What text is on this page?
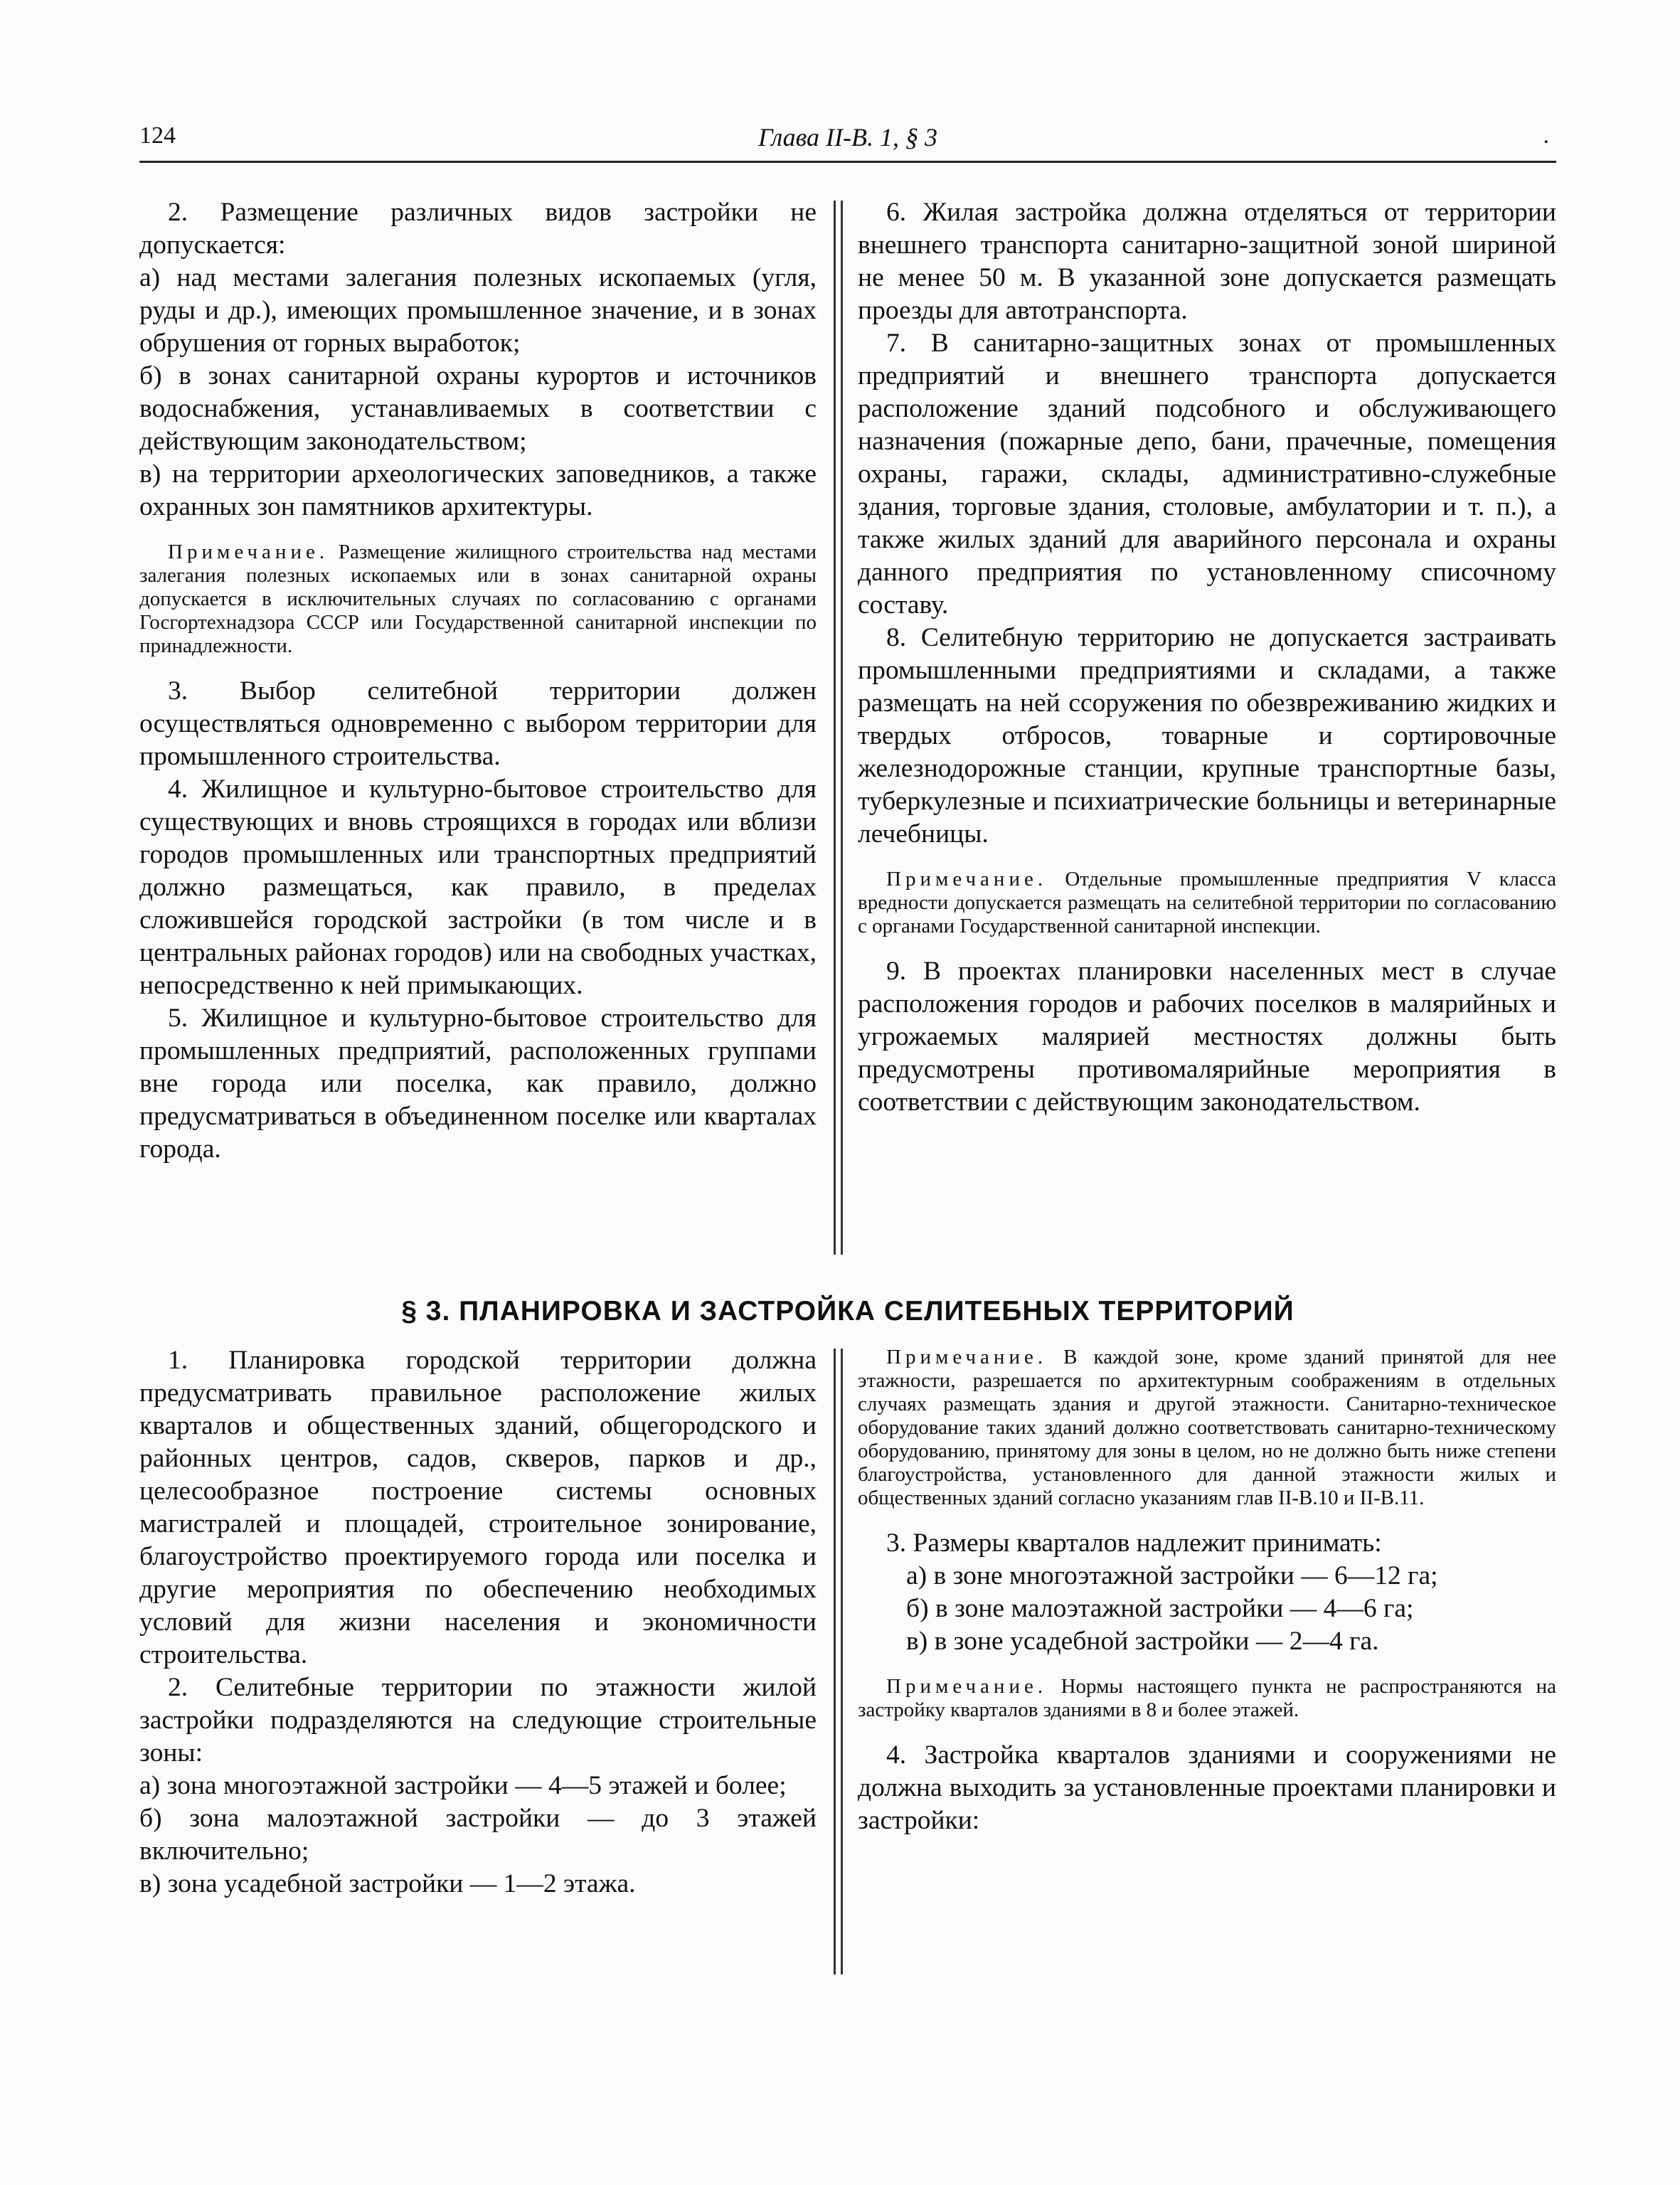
124	Глава II-В. 1, § 3	.

2. Размещение различных видов застройки не допускается:

а) над местами залегания полезных ископаемых (угля, руды и др.), имеющих промышленное значение, и в зонах обрушения от горных выработок;

б) в зонах санитарной охраны курортов и источников водоснабжения, устанавливаемых в соответствии с действующим законодательством;

в) на территории археологических заповедников, а также охранных зон памятников архитектуры.

Примечание. Размещение жилищного строительства над местами залегания полезных ископаемых или в зонах санитарной охраны допускается в исключительных случаях по согласованию с органами Госгортехнадзора СССР или Государственной санитарной инспекции по принадлежности.

3. Выбор селитебной территории должен осуществляться одновременно с выбором территории для промышленного строительства.

4. Жилищное и культурно-бытовое строительство для существующих и вновь строящихся в городах или вблизи городов промышленных или транспортных предприятий должно размещаться, как правило, в пределах сложившейся городской застройки (в том числе и в центральных районах городов) или на свободных участках, непосредственно к ней примыкающих.

5. Жилищное и культурно-бытовое строительство для промышленных предприятий, расположенных группами вне города или поселка, как правило, должно предусматриваться в объединенном поселке или кварталах города.

6. Жилая застройка должна отделяться от территории внешнего транспорта санитарно-защитной зоной шириной не менее 50 м. В указанной зоне допускается размещать проезды для автотранспорта.

7. В санитарно-защитных зонах от промышленных предприятий и внешнего транспорта допускается расположение зданий подсобного и обслуживающего назначения (пожарные депо, бани, прачечные, помещения охраны, гаражи, склады, административно-служебные здания, торговые здания, столовые, амбулатории и т. п.), а также жилых зданий для аварийного персонала и охраны данного предприятия по установленному списочному составу.

8. Селитебную территорию не допускается застраивать промышленными предприятиями и складами, а также размещать на ней ссоружения по обезвреживанию жидких и твердых отбросов, товарные и сортировочные железнодорожные станции, крупные транспортные базы, туберкулезные и психиатрические больницы и ветеринарные лечебницы.

Примечание. Отдельные промышленные предприятия V класса вредности допускается размещать на селитебной территории по согласованию с органами Государственной санитарной инспекции.

9. В проектах планировки населенных мест в случае расположения городов и рабочих поселков в малярийных и угрожаемых малярией местностях должны быть предусмотрены противомалярийные мероприятия в соответствии с действующим законодательством.

§ 3. ПЛАНИРОВКА И ЗАСТРОЙКА СЕЛИТЕБНЫХ ТЕРРИТОРИЙ

1. Планировка городской территории должна предусматривать правильное расположение жилых кварталов и общественных зданий, общегородского и районных центров, садов, скверов, парков и др., целесообразное построение системы основных магистралей и площадей, строительное зонирование, благоустройство проектируемого города или поселка и другие мероприятия по обеспечению необходимых условий для жизни населения и экономичности строительства.

2. Селитебные территории по этажности жилой застройки подразделяются на следующие строительные зоны:

а) зона многоэтажной застройки — 4—5 этажей и более;

б) зона малоэтажной застройки — до 3 этажей включительно;

в) зона усадебной застройки — 1—2 этажа.

Примечание. В каждой зоне, кроме зданий принятой для нее этажности, разрешается по архитектурным соображениям в отдельных случаях размещать здания и другой этажности. Санитарно-техническое оборудование таких зданий должно соответствовать санитарно-техническому оборудованию, принятому для зоны в целом, но не должно быть ниже степени благоустройства, установленного для данной этажности жилых и общественных зданий согласно указаниям глав II-В.10 и II-В.11.

3. Размеры кварталов надлежит принимать:

а) в зоне многоэтажной застройки — 6—12 га;

б) в зоне малоэтажной застройки — 4—6 га;

в) в зоне усадебной застройки — 2—4 га.

Примечание. Нормы настоящего пункта не распространяются на застройку кварталов зданиями в 8 и более этажей.

4. Застройка кварталов зданиями и сооружениями не должна выходить за установленные проектами планировки и застройки:
